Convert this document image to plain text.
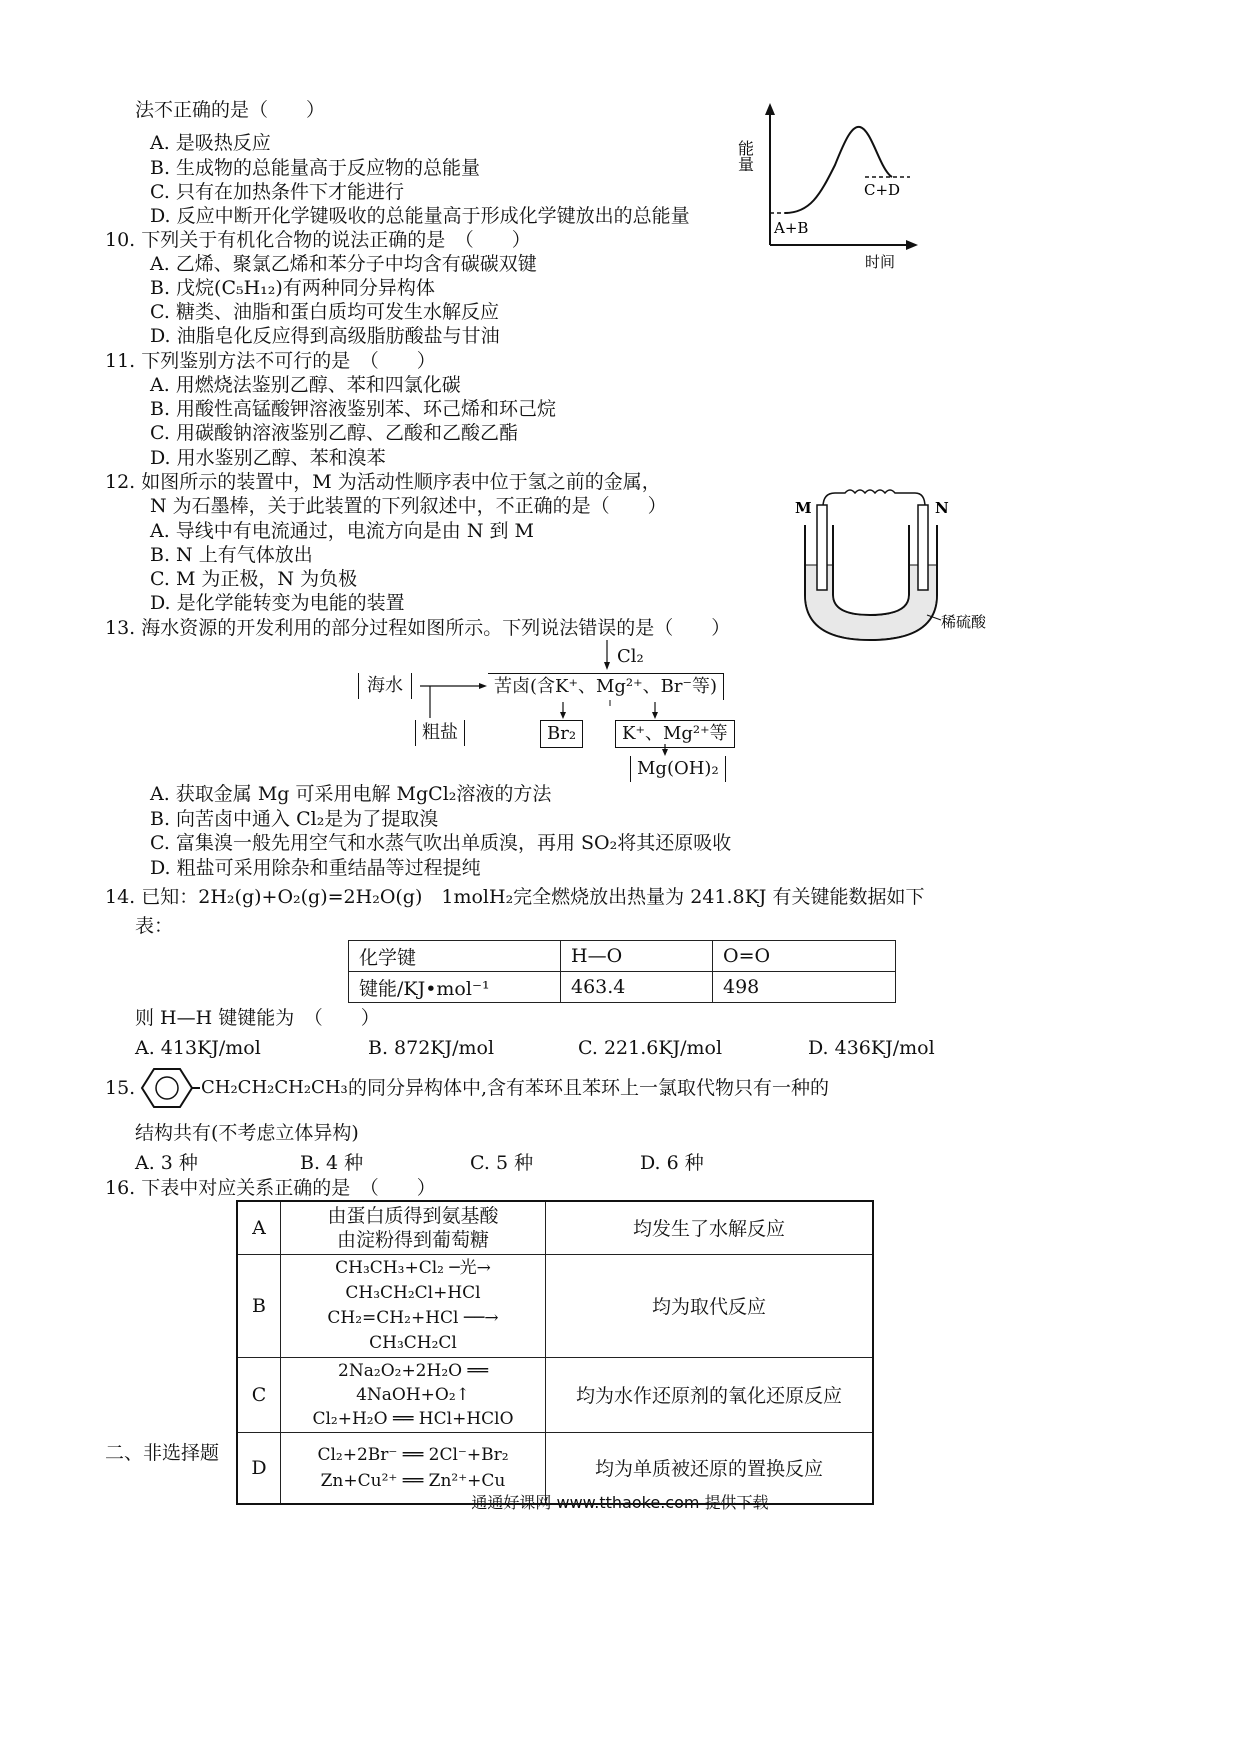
法不正确的是（　　）
A. 是吸热反应
B. 生成物的总能量高于反应物的总能量
C. 只有在加热条件下才能进行
D. 反应中断开化学键吸收的总能量高于形成化学键放出的总能量
能量
A+B
C+D
时间
10. 下列关于有机化合物的说法正确的是　（　　）
A. 乙烯、聚氯乙烯和苯分子中均含有碳碳双键
B. 戊烷(C₅H₁₂)有两种同分异构体
C. 糖类、油脂和蛋白质均可发生水解反应
D. 油脂皂化反应得到高级脂肪酸盐与甘油
11. 下列鉴别方法不可行的是　（　　）
A. 用燃烧法鉴别乙醇、苯和四氯化碳
B. 用酸性高锰酸钾溶液鉴别苯、环己烯和环己烷
C. 用碳酸钠溶液鉴别乙醇、乙酸和乙酸乙酯
D. 用水鉴别乙醇、苯和溴苯
M	N
稀硫酸
12. 如图所示的装置中，M 为活动性顺序表中位于氢之前的金属，
N 为石墨棒，关于此装置的下列叙述中，不正确的是（　　）
A. 导线中有电流通过，电流方向是由 N 到 M
B. N 上有气体放出
C. M 为正极，N 为负极
D. 是化学能转变为电能的装置
13. 海水资源的开发利用的部分过程如图所示。下列说法错误的是（　　）
海水
Cl₂
苦卤(含K⁺、Mg²⁺、Br⁻等)
粗盐	Br₂	K⁺、Mg²⁺等
Mg(OH)₂
A. 获取金属 Mg 可采用电解 MgCl₂溶液的方法
B. 向苦卤中通入 Cl₂是为了提取溴
C. 富集溴一般先用空气和水蒸气吹出单质溴，再用 SO₂将其还原吸收
D. 粗盐可采用除杂和重结晶等过程提纯
14. 已知：2H₂(g)+O₂(g)=2H₂O(g)　1molH₂完全燃烧放出热量为 241.8KJ 有关键能数据如下
表：
化学键	H—O	O=O
键能/KJ•mol⁻¹	463.4	498
则 H—H 键键能为　（　　）
A. 413KJ/mol	B. 872KJ/mol	C. 221.6KJ/mol	D. 436KJ/mol
15.	CH₂CH₂CH₂CH₃ 的同分异构体中,含有苯环且苯环上一氯取代物只有一种的
结构共有(不考虑立体异构)
A. 3 种	B. 4 种	C. 5 种	D. 6 种
16. 下表中对应关系正确的是　（　　）
A	由蛋白质得到氨基酸
由淀粉得到葡萄糖	均发生了水解反应
B	CH₃CH₃+Cl₂ ─光→ CH₃CH₂Cl+HCl
CH₂=CH₂+HCl ──→ CH₃CH₂Cl	均为取代反应
C	2Na₂O₂+2H₂O ══ 4NaOH+O₂↑
Cl₂+H₂O ══ HCl+HClO	均为水作还原剂的氧化还原反应
D	Cl₂+2Br⁻ ══ 2Cl⁻+Br₂
Zn+Cu²⁺ ══ Zn²⁺+Cu	均为单质被还原的置换反应
二、非选择题
通通好课网 www.tthaoke.com 提供下载
